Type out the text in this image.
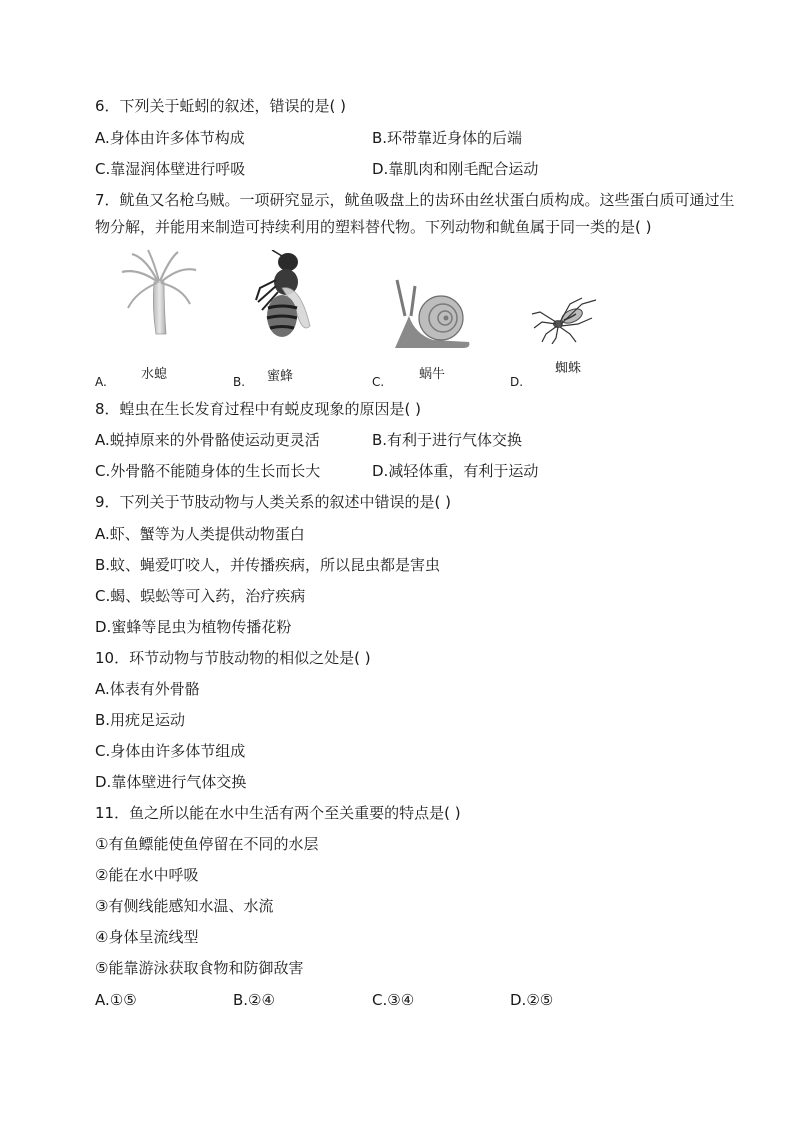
6．下列关于蚯蚓的叙述，错误的是( )
A.身体由许多体节构成	B.环带靠近身体的后端
C.靠湿润体壁进行呼吸	D.靠肌肉和刚毛配合运动
7．鱿鱼又名枪乌贼。一项研究显示，鱿鱼吸盘上的齿环由丝状蛋白质构成。这些蛋白质可通过生
物分解，并能用来制造可持续利用的塑料替代物。下列动物和鱿鱼属于同一类的是( )
A.	水螅	B. 蜜蜂	C.	蜗牛	D.
蜘蛛
8．蝗虫在生长发育过程中有蜕皮现象的原因是( )
A.蜕掉原来的外骨骼使运动更灵活	B.有利于进行气体交换
C.外骨骼不能随身体的生长而长大	D.减轻体重，有利于运动
9．下列关于节肢动物与人类关系的叙述中错误的是( )
A.虾、蟹等为人类提供动物蛋白
B.蚊、蝇爱叮咬人，并传播疾病，所以昆虫都是害虫
C.蝎、蜈蚣等可入药，治疗疾病
D.蜜蜂等昆虫为植物传播花粉
10．环节动物与节肢动物的相似之处是( )
A.体表有外骨骼
B.用疣足运动
C.身体由许多体节组成
D.靠体壁进行气体交换
11．鱼之所以能在水中生活有两个至关重要的特点是( )
①有鱼鳔能使鱼停留在不同的水层
②能在水中呼吸
③有侧线能感知水温、水流
④身体呈流线型
⑤能靠游泳获取食物和防御敌害
A.①⑤	B.②④	C.③④	D.②⑤
